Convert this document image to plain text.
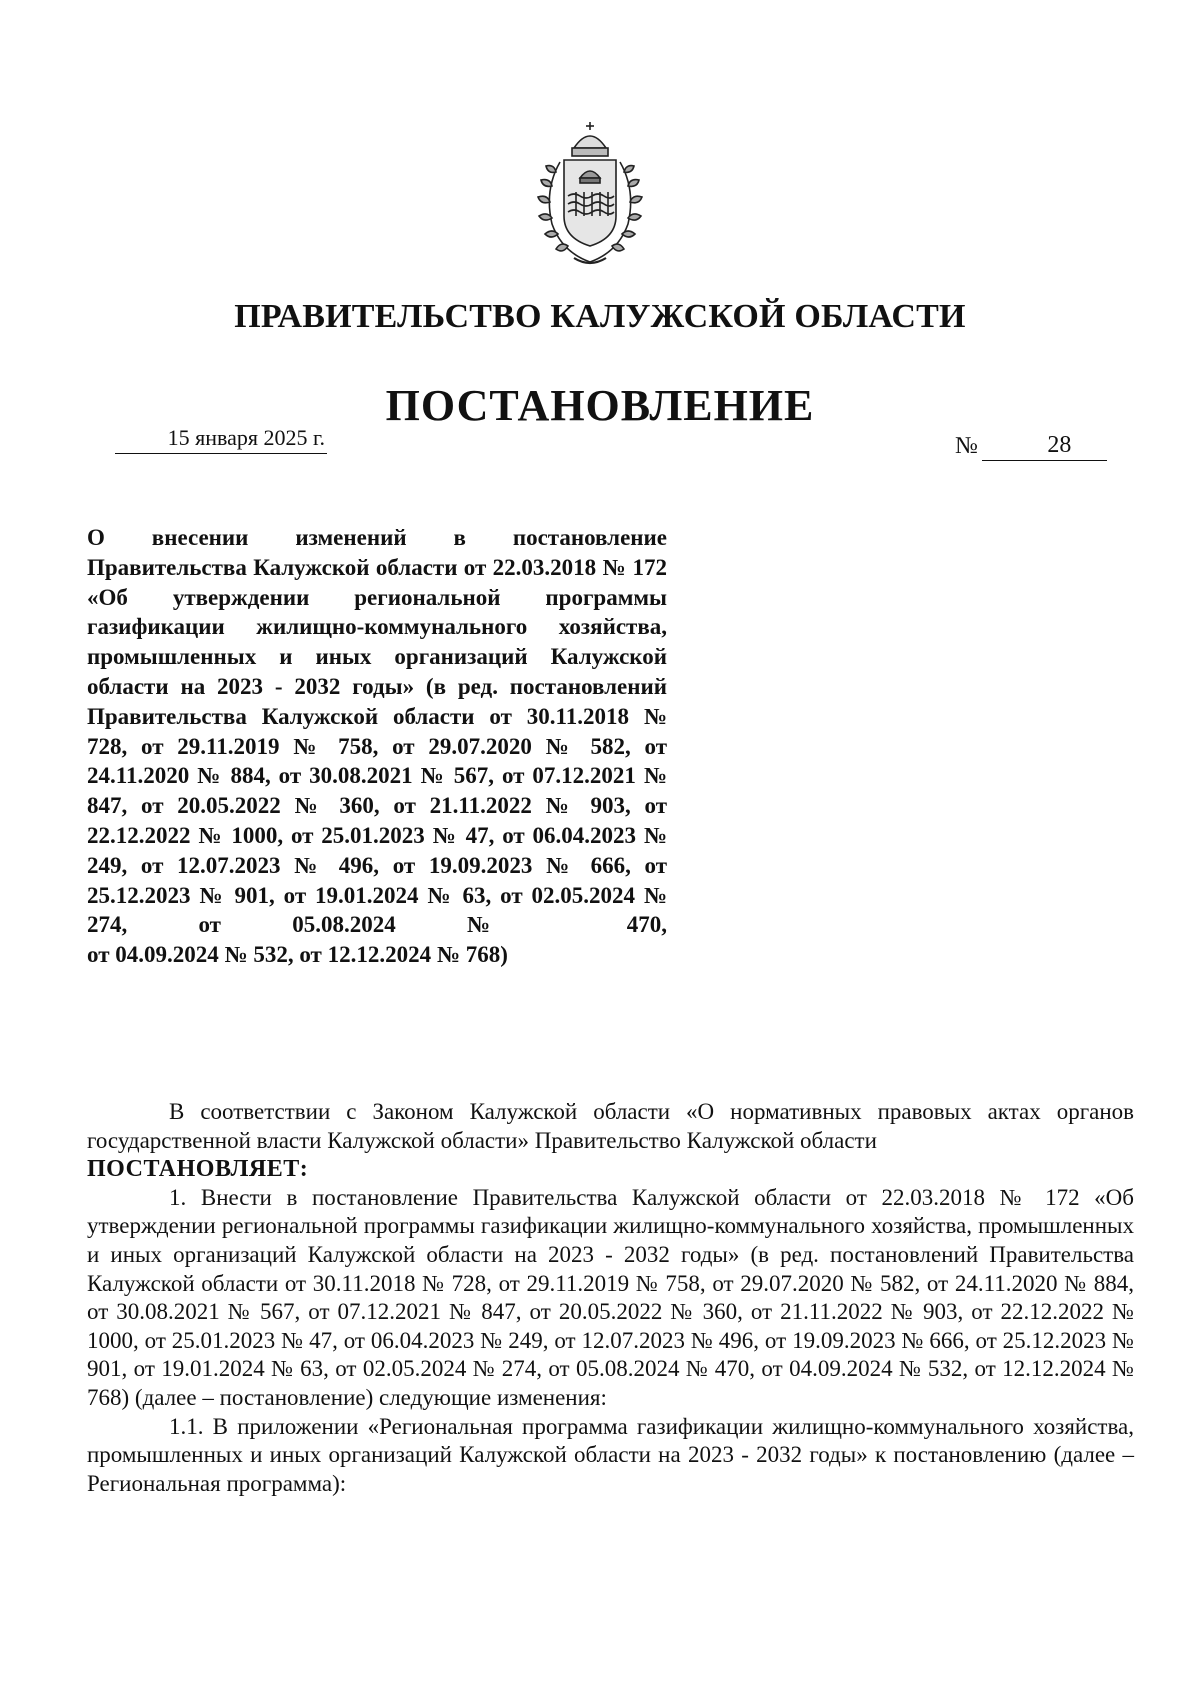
ПРАВИТЕЛЬСТВО КАЛУЖСКОЙ ОБЛАСТИ
ПОСТАНОВЛЕНИЕ
15 января 2025 г.	№	28

О внесении изменений в постановление Правительства Калужской области от 22.03.2018 № 172 «Об утверждении региональной программы газификации жилищно-коммунального хозяйства, промышленных и иных организаций Калужской области на 2023 - 2032 годы» (в ред. постановлений Правительства Калужской области от 30.11.2018 № 728, от 29.11.2019 № 758, от 29.07.2020 № 582, от 24.11.2020 № 884, от 30.08.2021 № 567, от 07.12.2021 № 847, от 20.05.2022 № 360, от 21.11.2022 № 903, от 22.12.2022 № 1000, от 25.01.2023 № 47, от 06.04.2023 № 249, от 12.07.2023 № 496, от 19.09.2023 № 666, от 25.12.2023 № 901, от 19.01.2024 № 63, от 02.05.2024 № 274, от 05.08.2024 № 470,
от 04.09.2024 № 532, от 12.12.2024 № 768)

В соответствии с Законом Калужской области «О нормативных правовых актах органов государственной власти Калужской области» Правительство Калужской области

ПОСТАНОВЛЯЕТ:

1. Внести в постановление Правительства Калужской области от 22.03.2018 № 172 «Об утверждении региональной программы газификации жилищно-коммунального хозяйства, промышленных и иных организаций Калужской области на 2023 - 2032 годы» (в ред. постановлений Правительства Калужской области от 30.11.2018 № 728, от 29.11.2019 № 758, от 29.07.2020 № 582, от 24.11.2020 № 884, от 30.08.2021 № 567, от 07.12.2021 № 847, от 20.05.2022 № 360, от 21.11.2022 № 903, от 22.12.2022 № 1000, от 25.01.2023 № 47, от 06.04.2023 № 249, от 12.07.2023 № 496, от 19.09.2023 № 666, от 25.12.2023 № 901, от 19.01.2024 № 63, от 02.05.2024 № 274, от 05.08.2024 № 470, от 04.09.2024 № 532, от 12.12.2024 № 768) (далее – постановление) следующие изменения:

1.1. В приложении «Региональная программа газификации жилищно-коммунального хозяйства, промышленных и иных организаций Калужской области на 2023 - 2032 годы» к постановлению (далее – Региональная программа):
